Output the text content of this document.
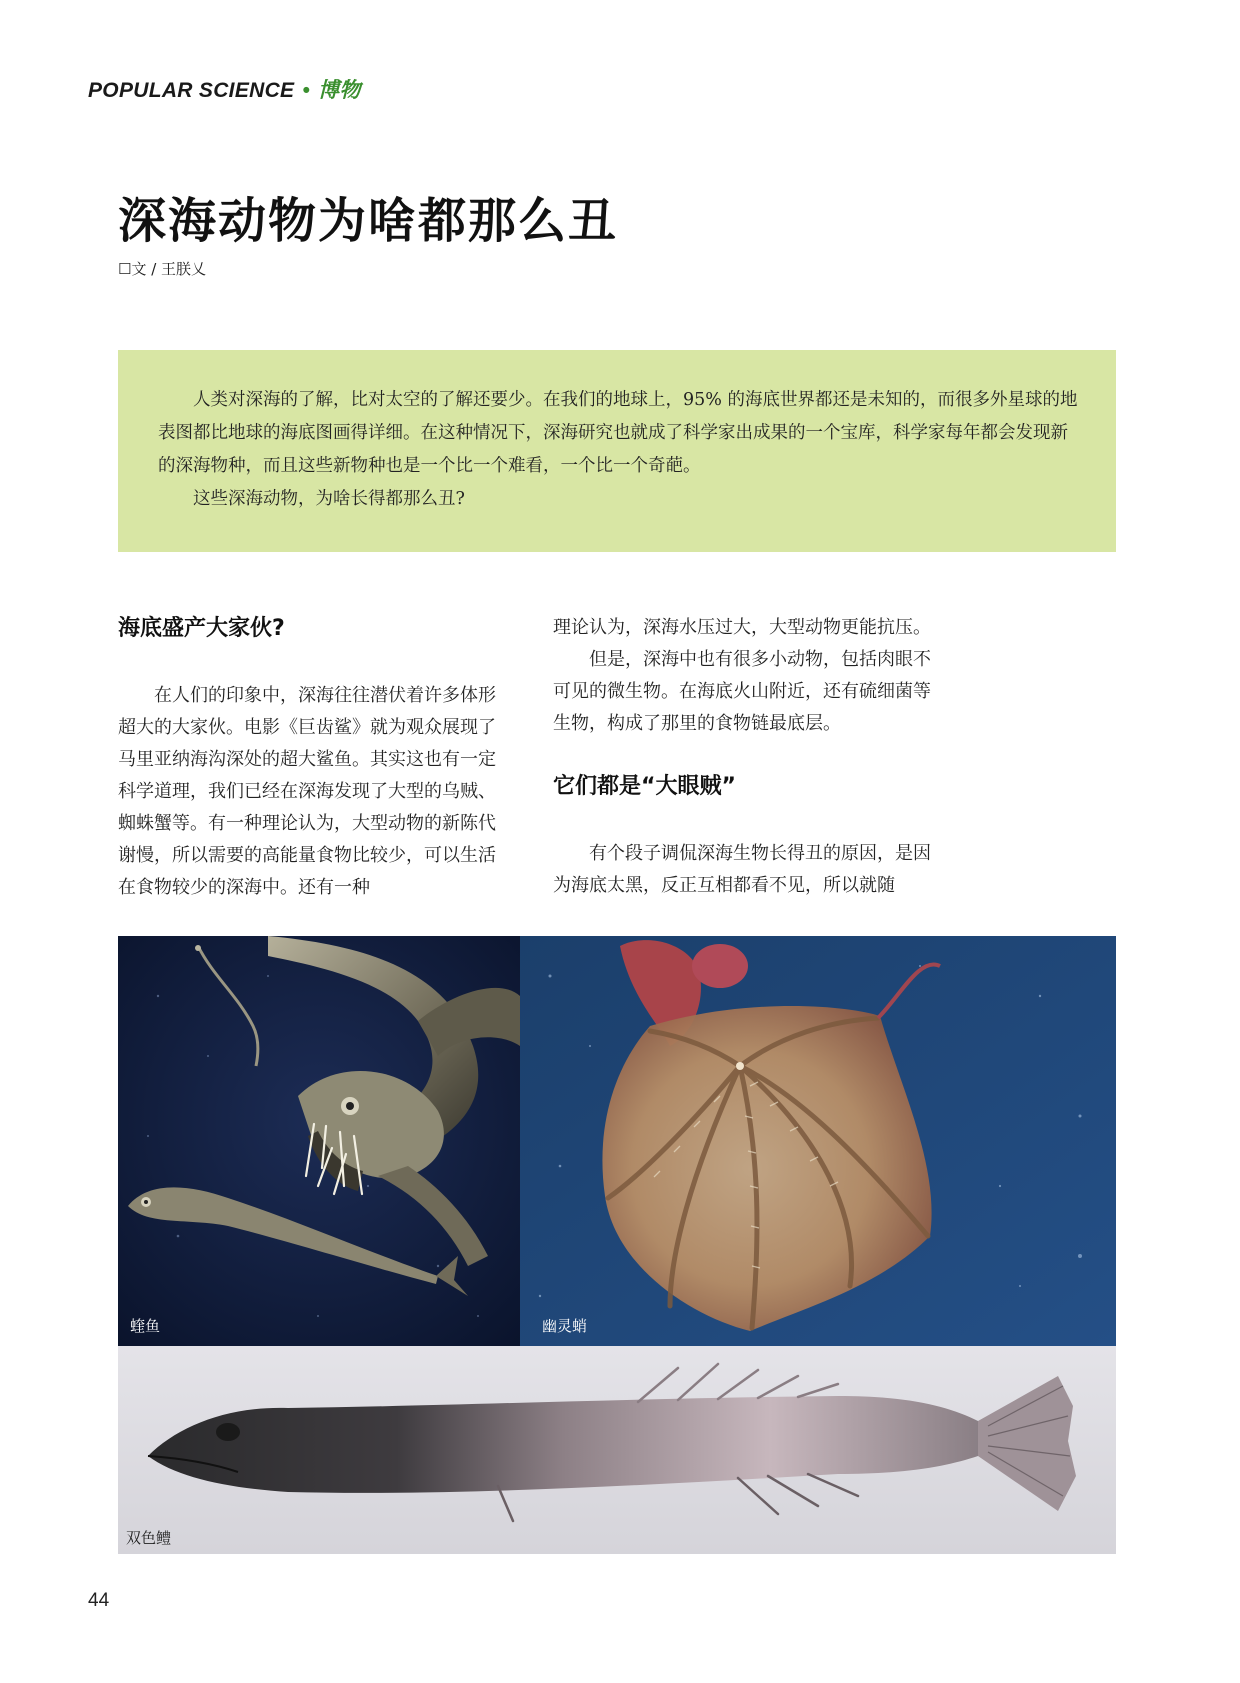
POPULAR SCIENCE • 博物
深海动物为啥都那么丑
☐文 / 王朕乂

人类对深海的了解，比对太空的了解还要少。在我们的地球上，95% 的海底世界都还是未知的，而很多外星球的地表图都比地球的海底图画得详细。在这种情况下，深海研究也就成了科学家出成果的一个宝库，科学家每年都会发现新的深海物种，而且这些新物种也是一个比一个难看，一个比一个奇葩。

这些深海动物，为啥长得都那么丑?

海底盛产大家伙?

在人们的印象中，深海往往潜伏着许多体形超大的大家伙。电影《巨齿鲨》就为观众展现了马里亚纳海沟深处的超大鲨鱼。其实这也有一定科学道理，我们已经在深海发现了大型的乌贼、蜘蛛蟹等。有一种理论认为，大型动物的新陈代谢慢，所以需要的高能量食物比较少，可以生活在食物较少的深海中。还有一种

理论认为，深海水压过大，大型动物更能抗压。

但是，深海中也有很多小动物，包括肉眼不可见的微生物。在海底火山附近，还有硫细菌等生物，构成了那里的食物链最底层。

它们都是“大眼贼”

有个段子调侃深海生物长得丑的原因，是因为海底太黑，反正互相都看不见，所以就随

蝰鱼	幽灵蛸
双色鳢
44
